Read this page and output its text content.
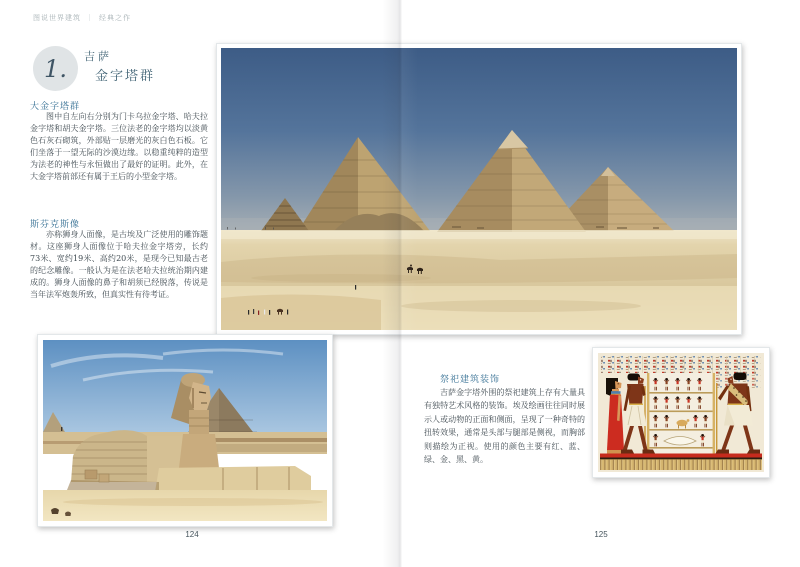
图说世界建筑 ｜ 经典之作
1. 吉萨
金字塔群
大金字塔群

图中自左向右分别为门卡乌拉金字塔、哈夫拉金字塔和胡夫金字塔。三位法老的金字塔均以淡黄色石灰石砌筑，外部贴一层磨光的灰白色石板。它们坐落于一望无际的沙漠边缘。以稳重纯粹的造型为法老的神性与永恒做出了最好的证明。此外，在大金字塔前部还有属于王后的小型金字塔。

斯芬克斯像

亦称狮身人面像，是古埃及广泛使用的雕饰题材。这座狮身人面像位于哈夫拉金字塔旁，长约73米、宽约19米、高约20米，是现今已知最古老的纪念雕像。一般认为是在法老哈夫拉统治期内建成的。狮身人面像的鼻子和胡须已经脱落，传说是当年法军炮轰所致，但真实性有待考证。

祭祀建筑装饰

吉萨金字塔外围的祭祀建筑上存有大量具有独特艺术风格的装饰。埃及绘画往往同时展示人或动物的正面和侧面，呈现了一种奇特的扭转效果，通常是头部与腿部是侧视，而胸部则描绘为正视。使用的颜色主要有红、蓝、绿、金、黑、黄。

124	125
